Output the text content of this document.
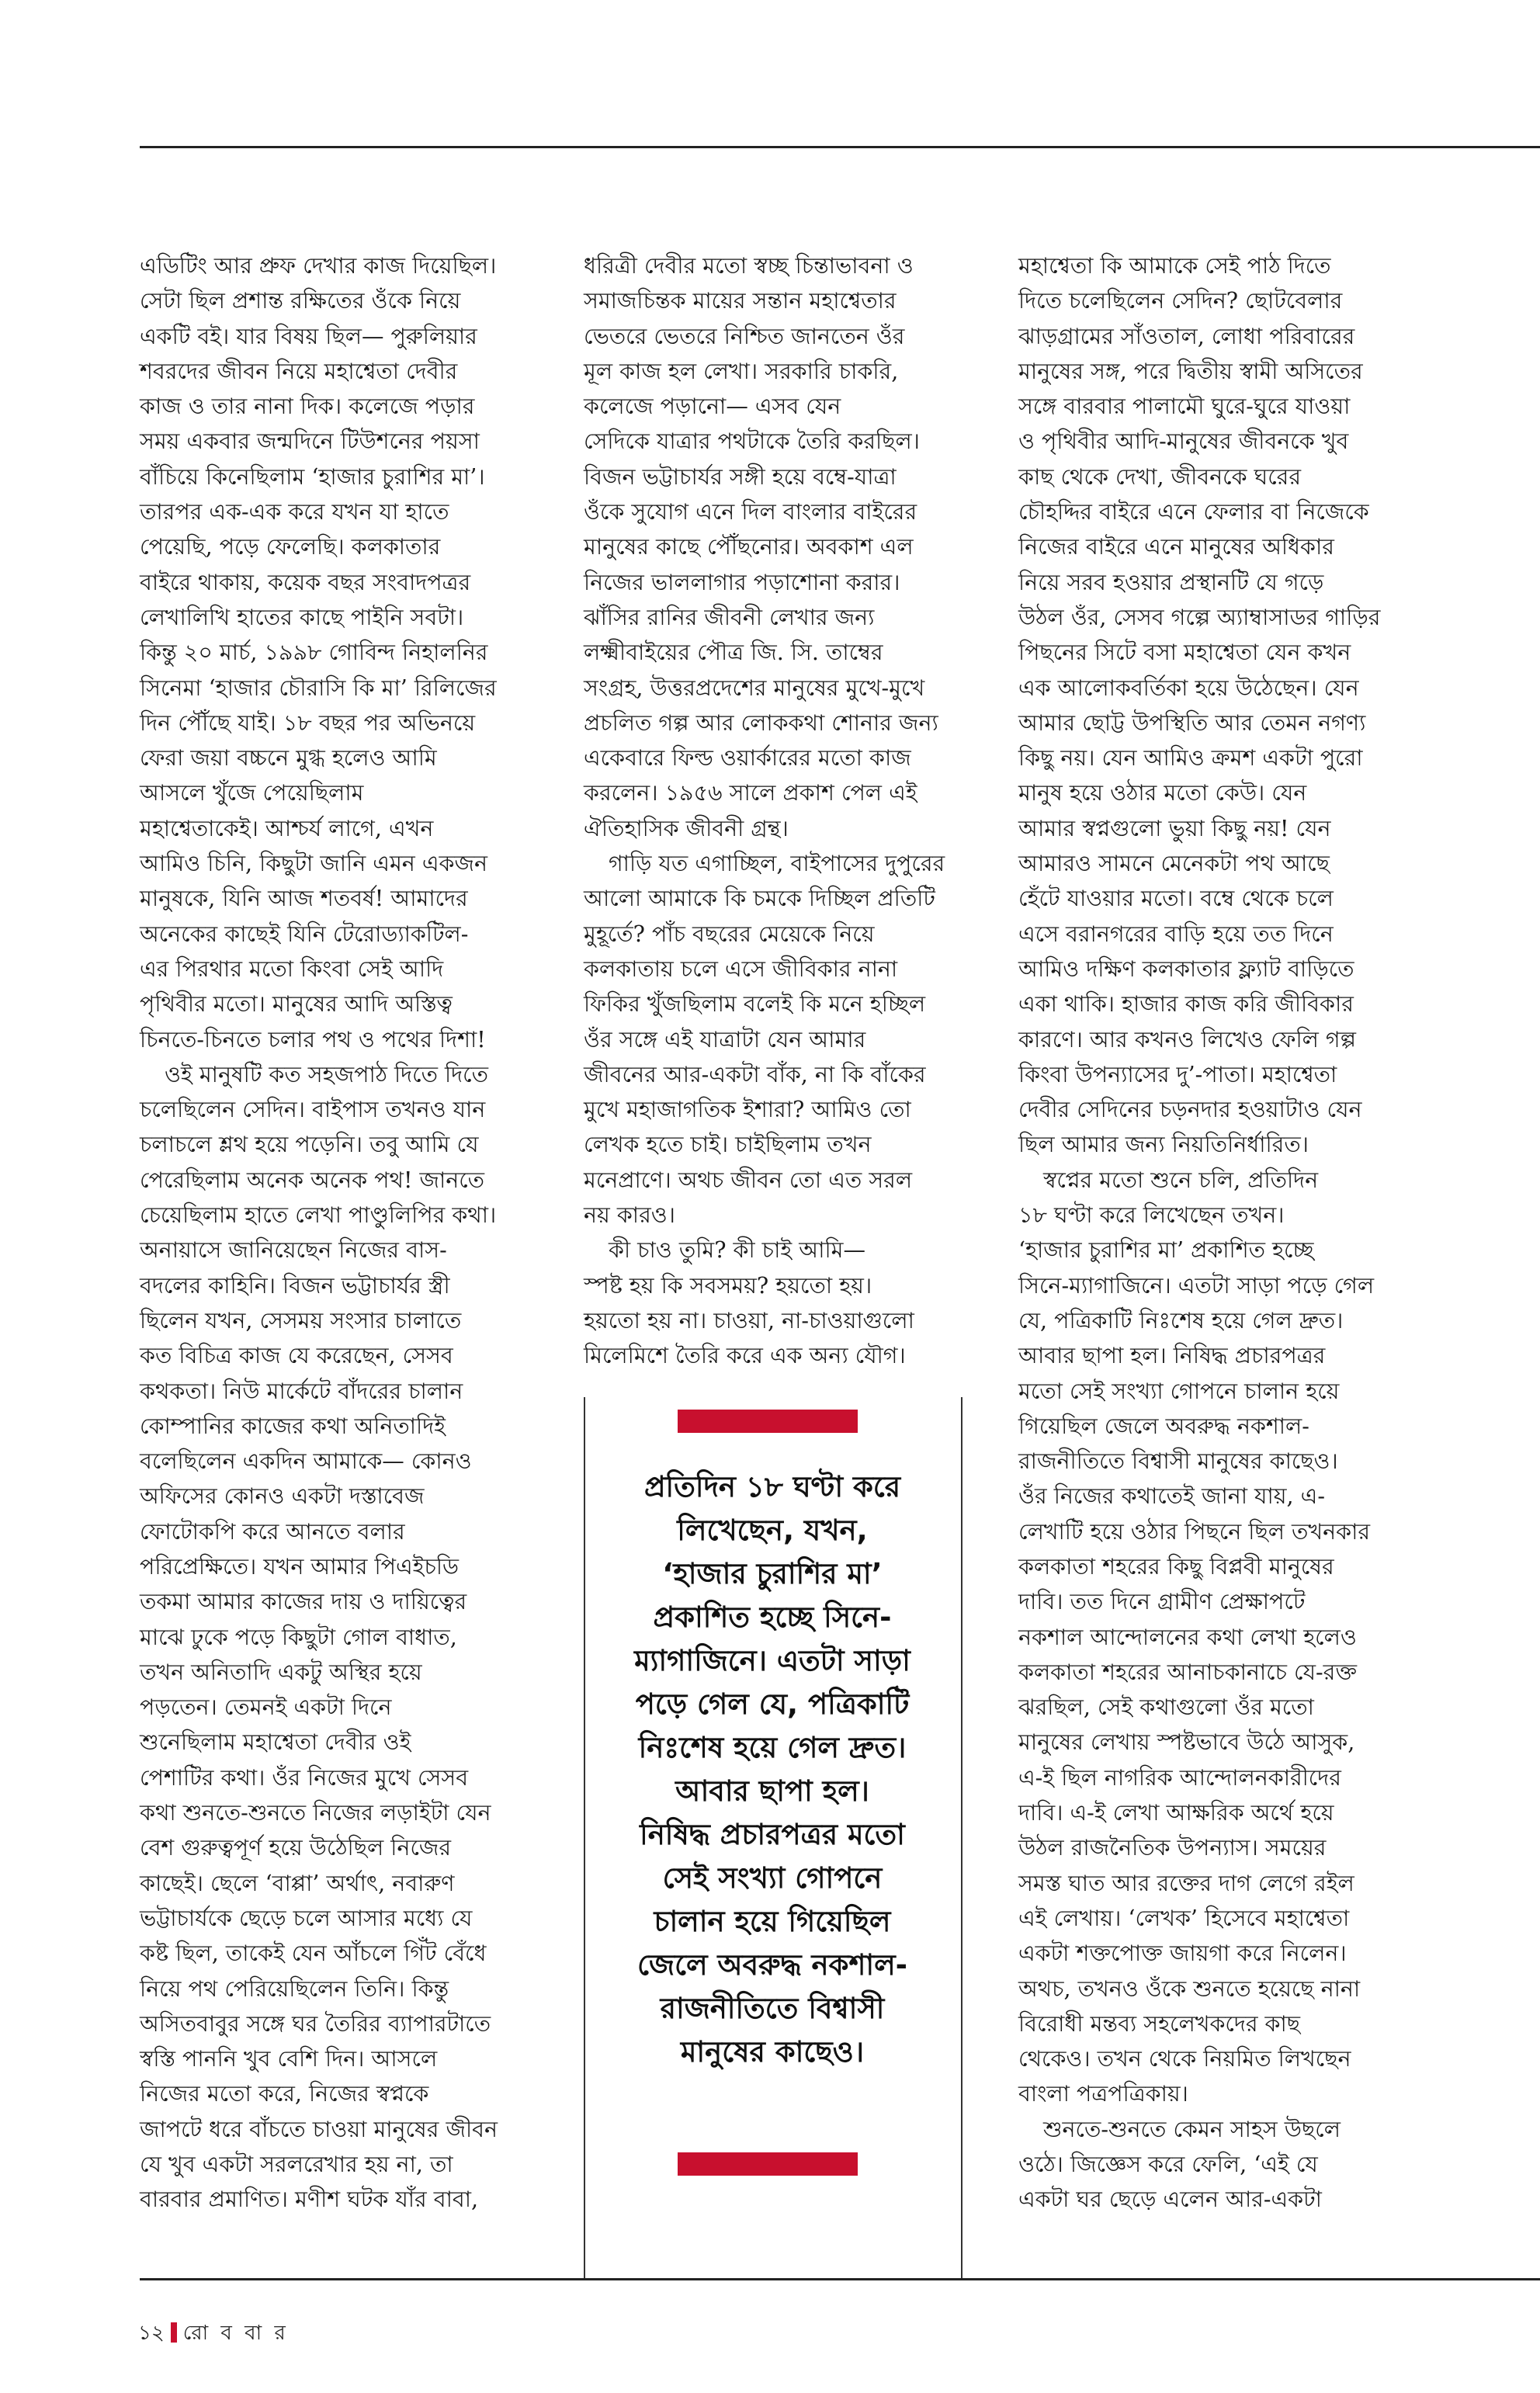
এডিটিং আর প্রুফ দেখার কাজ দিয়েছিল।
সেটা ছিল প্রশান্ত রক্ষিতের ওঁকে নিয়ে
একটি বই। যার বিষয় ছিল— পুরুলিয়ার
শবরদের জীবন নিয়ে মহাশ্বেতা দেবীর
কাজ ও তার নানা দিক। কলেজে পড়ার
সময় একবার জন্মদিনে টিউশনের পয়সা
বাঁচিয়ে কিনেছিলাম ‘হাজার চুরাশির মা’।
তারপর এক-এক করে যখন যা হাতে
পেয়েছি, পড়ে ফেলেছি। কলকাতার
বাইরে থাকায়, কয়েক বছর সংবাদপত্রর
লেখালিখি হাতের কাছে পাইনি সবটা।
কিন্তু ২০ মার্চ, ১৯৯৮ গোবিন্দ নিহালনির
সিনেমা ‘হাজার চৌরাসি কি মা’ রিলিজের
দিন পৌঁছে যাই। ১৮ বছর পর অভিনয়ে
ফেরা জয়া বচ্চনে মুগ্ধ হলেও আমি
আসলে খুঁজে পেয়েছিলাম
মহাশ্বেতাকেই। আশ্চর্য লাগে, এখন
আমিও চিনি, কিছুটা জানি এমন একজন
মানুষকে, যিনি আজ শতবর্ষ! আমাদের
অনেকের কাছেই যিনি টেরোড্যাকটিল-
এর পিরথার মতো কিংবা সেই আদি
পৃথিবীর মতো। মানুষের আদি অস্তিত্ব
চিনতে-চিনতে চলার পথ ও পথের দিশা!
ওই মানুষটি কত সহজপাঠ দিতে দিতে
চলেছিলেন সেদিন। বাইপাস তখনও যান
চলাচলে শ্লথ হয়ে পড়েনি। তবু আমি যে
পেরেছিলাম অনেক অনেক পথ! জানতে
চেয়েছিলাম হাতে লেখা পাণ্ডুলিপির কথা।
অনায়াসে জানিয়েছেন নিজের বাস-
বদলের কাহিনি। বিজন ভট্টাচার্যর স্ত্রী
ছিলেন যখন, সেসময় সংসার চালাতে
কত বিচিত্র কাজ যে করেছেন, সেসব
কথকতা। নিউ মার্কেটে বাঁদরের চালান
কোম্পানির কাজের কথা অনিতাদিই
বলেছিলেন একদিন আমাকে— কোনও
অফিসের কোনও একটা দস্তাবেজ
ফোটোকপি করে আনতে বলার
পরিপ্রেক্ষিতে। যখন আমার পিএইচডি
তকমা আমার কাজের দায় ও দায়িত্বের
মাঝে ঢুকে পড়ে কিছুটা গোল বাধাত,
তখন অনিতাদি একটু অস্থির হয়ে
পড়তেন। তেমনই একটা দিনে
শুনেছিলাম মহাশ্বেতা দেবীর ওই
পেশাটির কথা। ওঁর নিজের মুখে সেসব
কথা শুনতে-শুনতে নিজের লড়াইটা যেন
বেশ গুরুত্বপূর্ণ হয়ে উঠেছিল নিজের
কাছেই। ছেলে ‘বাপ্পা’ অর্থাৎ, নবারুণ
ভট্টাচার্যকে ছেড়ে চলে আসার মধ্যে যে
কষ্ট ছিল, তাকেই যেন আঁচলে গিঁট বেঁধে
নিয়ে পথ পেরিয়েছিলেন তিনি। কিন্তু
অসিতবাবুর সঙ্গে ঘর তৈরির ব্যাপারটাতে
স্বস্তি পাননি খুব বেশি দিন। আসলে
নিজের মতো করে, নিজের স্বপ্নকে
জাপটে ধরে বাঁচতে চাওয়া মানুষের জীবন
যে খুব একটা সরলরেখার হয় না, তা
বারবার প্রমাণিত। মণীশ ঘটক যাঁর বাবা,
ধরিত্রী দেবীর মতো স্বচ্ছ চিন্তাভাবনা ও
সমাজচিন্তক মায়ের সন্তান মহাশ্বেতার
ভেতরে ভেতরে নিশ্চিত জানতেন ওঁর
মূল কাজ হল লেখা। সরকারি চাকরি,
কলেজে পড়ানো— এসব যেন
সেদিকে যাত্রার পথটাকে তৈরি করছিল।
বিজন ভট্টাচার্যর সঙ্গী হয়ে বম্বে-যাত্রা
ওঁকে সুযোগ এনে দিল বাংলার বাইরের
মানুষের কাছে পৌঁছনোর। অবকাশ এল
নিজের ভাললাগার পড়াশোনা করার।
ঝাঁসির রানির জীবনী লেখার জন্য
লক্ষ্মীবাইয়ের পৌত্র জি. সি. তাম্বের
সংগ্রহ, উত্তরপ্রদেশের মানুষের মুখে-মুখে
প্রচলিত গল্প আর লোককথা শোনার জন্য
একেবারে ফিল্ড ওয়ার্কারের মতো কাজ
করলেন। ১৯৫৬ সালে প্রকাশ পেল এই
ঐতিহাসিক জীবনী গ্রন্থ।
গাড়ি যত এগাচ্ছিল, বাইপাসের দুপুরের
আলো আমাকে কি চমকে দিচ্ছিল প্রতিটি
মুহূর্তে? পাঁচ বছরের মেয়েকে নিয়ে
কলকাতায় চলে এসে জীবিকার নানা
ফিকির খুঁজছিলাম বলেই কি মনে হচ্ছিল
ওঁর সঙ্গে এই যাত্রাটা যেন আমার
জীবনের আর-একটা বাঁক, না কি বাঁকের
মুখে মহাজাগতিক ইশারা? আমিও তো
লেখক হতে চাই। চাইছিলাম তখন
মনেপ্রাণে। অথচ জীবন তো এত সরল
নয় কারও।
কী চাও তুমি? কী চাই আমি—
স্পষ্ট হয় কি সবসময়? হয়তো হয়।
হয়তো হয় না। চাওয়া, না-চাওয়াগুলো
মিলেমিশে তৈরি করে এক অন্য যৌগ।
মহাশ্বেতা কি আমাকে সেই পাঠ দিতে
দিতে চলেছিলেন সেদিন? ছোটবেলার
ঝাড়গ্রামের সাঁওতাল, লোধা পরিবারের
মানুষের সঙ্গ, পরে দ্বিতীয় স্বামী অসিতের
সঙ্গে বারবার পালামৌ ঘুরে-ঘুরে যাওয়া
ও পৃথিবীর আদি-মানুষের জীবনকে খুব
কাছ থেকে দেখা, জীবনকে ঘরের
চৌহদ্দির বাইরে এনে ফেলার বা নিজেকে
নিজের বাইরে এনে মানুষের অধিকার
নিয়ে সরব হওয়ার প্রস্থানটি যে গড়ে
উঠল ওঁর, সেসব গল্পে অ্যাম্বাসাডর গাড়ির
পিছনের সিটে বসা মহাশ্বেতা যেন কখন
এক আলোকবর্তিকা হয়ে উঠেছেন। যেন
আমার ছোট্ট উপস্থিতি আর তেমন নগণ্য
কিছু নয়। যেন আমিও ক্রমশ একটা পুরো
মানুষ হয়ে ওঠার মতো কেউ। যেন
আমার স্বপ্নগুলো ভুয়া কিছু নয়! যেন
আমারও সামনে মেনেকটা পথ আছে
হেঁটে যাওয়ার মতো। বম্বে থেকে চলে
এসে বরানগরের বাড়ি হয়ে তত দিনে
আমিও দক্ষিণ কলকাতার ফ্ল্যাট বাড়িতে
একা থাকি। হাজার কাজ করি জীবিকার
কারণে। আর কখনও লিখেও ফেলি গল্প
কিংবা উপন্যাসের দু’-পাতা। মহাশ্বেতা
দেবীর সেদিনের চড়নদার হওয়াটাও যেন
ছিল আমার জন্য নিয়তিনির্ধারিত।
স্বপ্নের মতো শুনে চলি, প্রতিদিন
১৮ ঘণ্টা করে লিখেছেন তখন।
‘হাজার চুরাশির মা’ প্রকাশিত হচ্ছে
সিনে-ম্যাগাজিনে। এতটা সাড়া পড়ে গেল
যে, পত্রিকাটি নিঃশেষ হয়ে গেল দ্রুত।
আবার ছাপা হল। নিষিদ্ধ প্রচারপত্রর
মতো সেই সংখ্যা গোপনে চালান হয়ে
গিয়েছিল জেলে অবরুদ্ধ নকশাল-
রাজনীতিতে বিশ্বাসী মানুষের কাছেও।
ওঁর নিজের কথাতেই জানা যায়, এ-
লেখাটি হয়ে ওঠার পিছনে ছিল তখনকার
কলকাতা শহরের কিছু বিপ্লবী মানুষের
দাবি। তত দিনে গ্রামীণ প্রেক্ষাপটে
নকশাল আন্দোলনের কথা লেখা হলেও
কলকাতা শহরের আনাচকানাচে যে-রক্ত
ঝরছিল, সেই কথাগুলো ওঁর মতো
মানুষের লেখায় স্পষ্টভাবে উঠে আসুক,
এ-ই ছিল নাগরিক আন্দোলনকারীদের
দাবি। এ-ই লেখা আক্ষরিক অর্থে হয়ে
উঠল রাজনৈতিক উপন্যাস। সময়ের
সমস্ত ঘাত আর রক্তের দাগ লেগে রইল
এই লেখায়। ‘লেখক’ হিসেবে মহাশ্বেতা
একটা শক্তপোক্ত জায়গা করে নিলেন।
অথচ, তখনও ওঁকে শুনতে হয়েছে নানা
বিরোধী মন্তব্য সহলেখকদের কাছ
থেকেও। তখন থেকে নিয়মিত লিখছেন
বাংলা পত্রপত্রিকায়।
শুনতে-শুনতে কেমন সাহস উছলে
ওঠে। জিজ্ঞেস করে ফেলি, ‘এই যে
একটা ঘর ছেড়ে এলেন আর-একটা
প্রতিদিন ১৮ ঘণ্টা করে
লিখেছেন, যখন,
‘হাজার চুরাশির মা’
প্রকাশিত হচ্ছে সিনে-
ম্যাগাজিনে। এতটা সাড়া
পড়ে গেল যে, পত্রিকাটি
নিঃশেষ হয়ে গেল দ্রুত।
আবার ছাপা হল।
নিষিদ্ধ প্রচারপত্রর মতো
সেই সংখ্যা গোপনে
চালান হয়ে গিয়েছিল
জেলে অবরুদ্ধ নকশাল-
রাজনীতিতে বিশ্বাসী
মানুষের কাছেও।
১২ রো ব বা র
